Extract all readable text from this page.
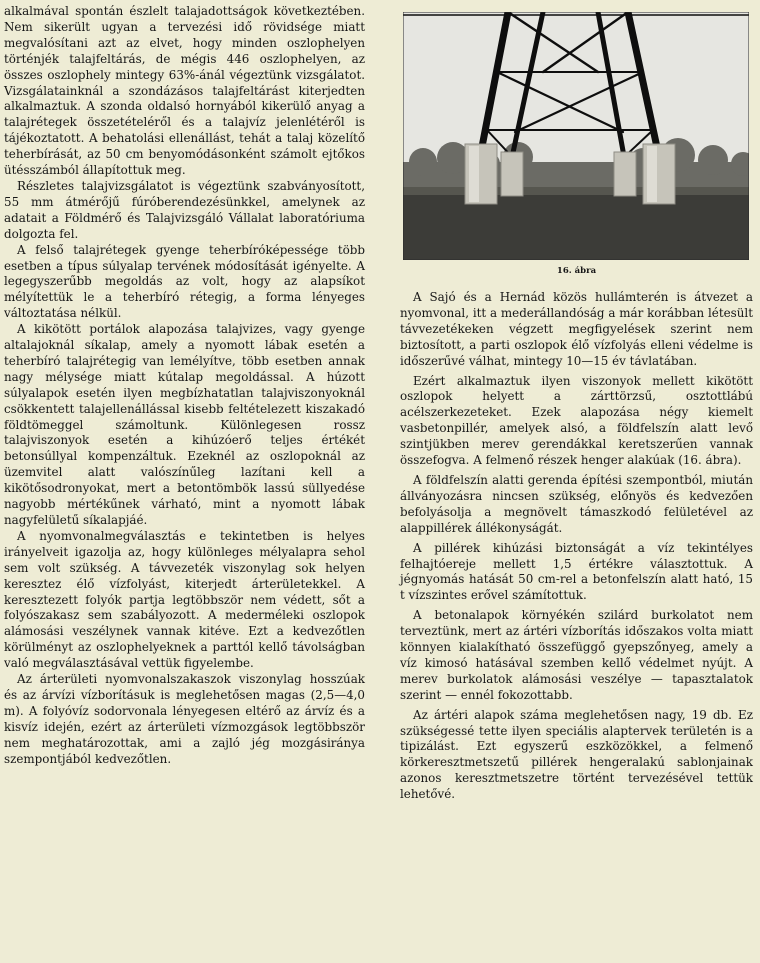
alkalmával spontán észlelt talajadottságok következtében. Nem sikerült ugyan a tervezési idő rövidsége miatt megvalósítani azt az elvet, hogy minden oszlophelyen történjék talajfeltárás, de mégis 446 oszlophelyen, az összes oszlophely mintegy 63%-ánál végeztünk vizsgálatot. Vizsgálatainknál a szondázásos talajfeltárást kiterjedten alkalmaztuk. A szonda oldalsó hornyából kikerülő anyag a talajrétegek összetételéről és a talajvíz jelenlétéről is tájékoztatott. A behatolási ellenállást, tehát a talaj közelítő teherbírását, az 50 cm benyomódásonként számolt ejtőkos ütésszámból állapítottuk meg.

Részletes talajvizsgálatot is végeztünk szabványosított, 55 mm átmérőjű fúróberendezésünkkel, amelynek az adatait a Földmérő és Talajvizsgáló Vállalat laboratóriuma dolgozta fel.

A felső talajrétegek gyenge teherbíróképessége több esetben a típus súlyalap tervének módosítását igényelte. A legegyszerűbb megoldás az volt, hogy az alapsíkot mélyítettük le a teherbíró rétegig, a forma lényeges változtatása nélkül.

A kikötött portálok alapozása talajvizes, vagy gyenge altalajoknál síkalap, amely a nyomott lábak esetén a teherbíró talajrétegig van lemélyítve, több esetben annak nagy mélysége miatt kútalap megoldással. A húzott súlyalapok esetén ilyen megbízhatatlan talajviszonyoknál csökkentett talajellenállással kisebb feltételezett kiszakadó földtömeggel számoltunk. Különlegesen rossz talajviszonyok esetén a kihúzóerő teljes értékét betonsúllyal kompenzáltuk. Ezeknél az oszlopoknál az üzemvitel alatt valószínűleg lazítani kell a kikötősodronyokat, mert a betontömbök lassú süllyedése nagyobb mértékűnek várható, mint a nyomott lábak nagyfelületű síkalapjáé.

A nyomvonalmegválasztás e tekintetben is helyes irányelveit igazolja az, hogy különleges mélyalapra sehol sem volt szükség. A távvezeték viszonylag sok helyen keresztez élő vízfolyást, kiterjedt árterületekkel. A keresztezett folyók partja legtöbbször nem védett, sőt a folyószakasz sem szabályozott. A mederméleki oszlopok alámosási veszélynek vannak kitéve. Ezt a kedvezőtlen körülményt az oszlophelyeknek a parttól kellő távolságban való megválasztásával vettük figyelembe.

Az árterületi nyomvonalszakaszok viszonylag hosszúak és az árvízi vízborításuk is meglehetősen magas (2,5—4,0 m). A folyóvíz sodorvonala lényegesen eltérő az árvíz és a kisvíz idején, ezért az árterületi vízmozgások legtöbbször nem meghatározottak, ami a zajló jég mozgásiránya szempontjából kedvezőtlen.

16. ábra

A Sajó és a Hernád közös hullámterén is átvezet a nyomvonal, itt a mederállandóság a már korábban létesült távvezetékeken végzett megfigyelések szerint nem biztosított, a parti oszlopok élő vízfolyás elleni védelme is időszerűvé válhat, mintegy 10—15 év távlatában.

Ezért alkalmaztuk ilyen viszonyok mellett kikötött oszlopok helyett a zárttörzsű, osztottlábú acélszerkezeteket. Ezek alapozása négy kiemelt vasbetonpillér, amelyek alsó, a földfelszín alatt levő szintjükben merev gerendákkal keretszerűen vannak összefogva. A felmenő részek henger alakúak (16. ábra).

A földfelszín alatti gerenda építési szempontból, miután állványozásra nincsen szükség, előnyös és kedvezően befolyásolja a megnövelt támaszkodó felületével az alappillérek állékonyságát.

A pillérek kihúzási biztonságát a víz tekintélyes felhajtóereje mellett 1,5 értékre választottuk. A jégnyomás hatását 50 cm-rel a betonfelszín alatt ható, 15 t vízszintes erővel számítottuk.

A betonalapok környékén szilárd burkolatot nem terveztünk, mert az ártéri vízborítás időszakos volta miatt könnyen kialakítható összefüggő gyepszőnyeg, amely a víz kimosó hatásával szemben kellő védelmet nyújt. A merev burkolatok alámosási veszélye — tapasztalatok szerint — ennél fokozottabb.

Az ártéri alapok száma meglehetősen nagy, 19 db. Ez szükségessé tette ilyen speciális alaptervek területén is a tipizálást. Ezt egyszerű eszközökkel, a felmenő körkeresztmetszetű pillérek hengeralakú sablonjainak azonos keresztmetszetre történt tervezésével tettük lehetővé.
